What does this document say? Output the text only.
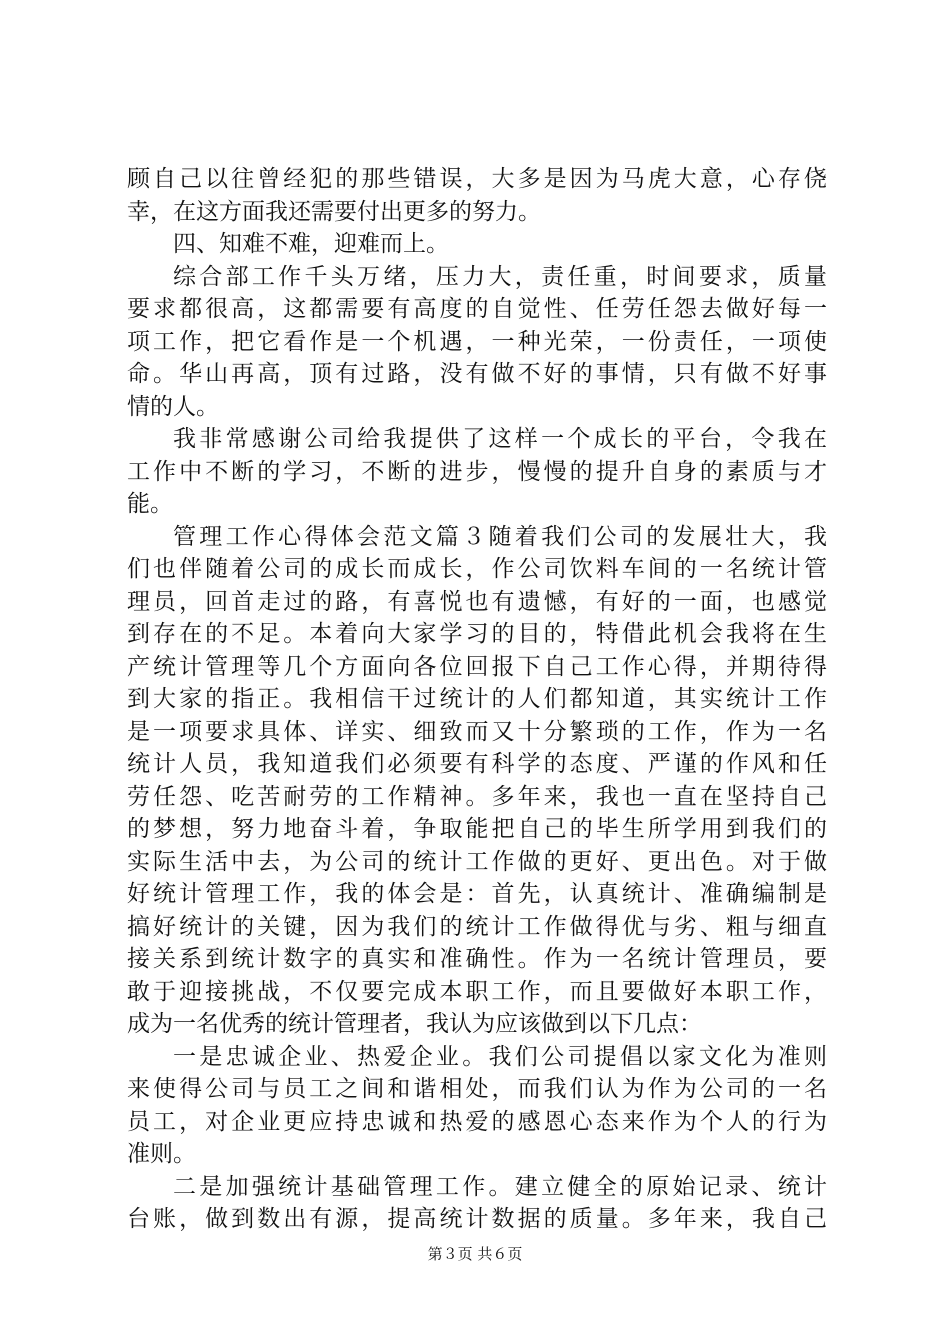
顾自己以往曾经犯的那些错误，大多是因为马虎大意，心存侥
幸，在这方面我还需要付出更多的努力。
四、知难不难，迎难而上。
综合部工作千头万绪，压力大，责任重，时间要求，质量
要求都很高，这都需要有高度的自觉性、任劳任怨去做好每一
项工作，把它看作是一个机遇，一种光荣，一份责任，一项使
命。华山再高，顶有过路，没有做不好的事情，只有做不好事
情的人。
我非常感谢公司给我提供了这样一个成长的平台，令我在
工作中不断的学习，不断的进步，慢慢的提升自身的素质与才
能。
管理工作心得体会范文篇３随着我们公司的发展壮大，我
们也伴随着公司的成长而成长，作公司饮料车间的一名统计管
理员，回首走过的路，有喜悦也有遗憾，有好的一面，也感觉
到存在的不足。本着向大家学习的目的，特借此机会我将在生
产统计管理等几个方面向各位回报下自己工作心得，并期待得
到大家的指正。我相信干过统计的人们都知道，其实统计工作
是一项要求具体、详实、细致而又十分繁琐的工作，作为一名
统计人员，我知道我们必须要有科学的态度、严谨的作风和任
劳任怨、吃苦耐劳的工作精神。多年来，我也一直在坚持自己
的梦想，努力地奋斗着，争取能把自己的毕生所学用到我们的
实际生活中去，为公司的统计工作做的更好、更出色。对于做
好统计管理工作，我的体会是：首先，认真统计、准确编制是
搞好统计的关键，因为我们的统计工作做得优与劣、粗与细直
接关系到统计数字的真实和准确性。作为一名统计管理员，要
敢于迎接挑战，不仅要完成本职工作，而且要做好本职工作，
成为一名优秀的统计管理者，我认为应该做到以下几点：
一是忠诚企业、热爱企业。我们公司提倡以家文化为准则
来使得公司与员工之间和谐相处，而我们认为作为公司的一名
员工，对企业更应持忠诚和热爱的感恩心态来作为个人的行为
准则。
二是加强统计基础管理工作。建立健全的原始记录、统计
台账，做到数出有源，提高统计数据的质量。多年来，我自己
第３页 共６页
